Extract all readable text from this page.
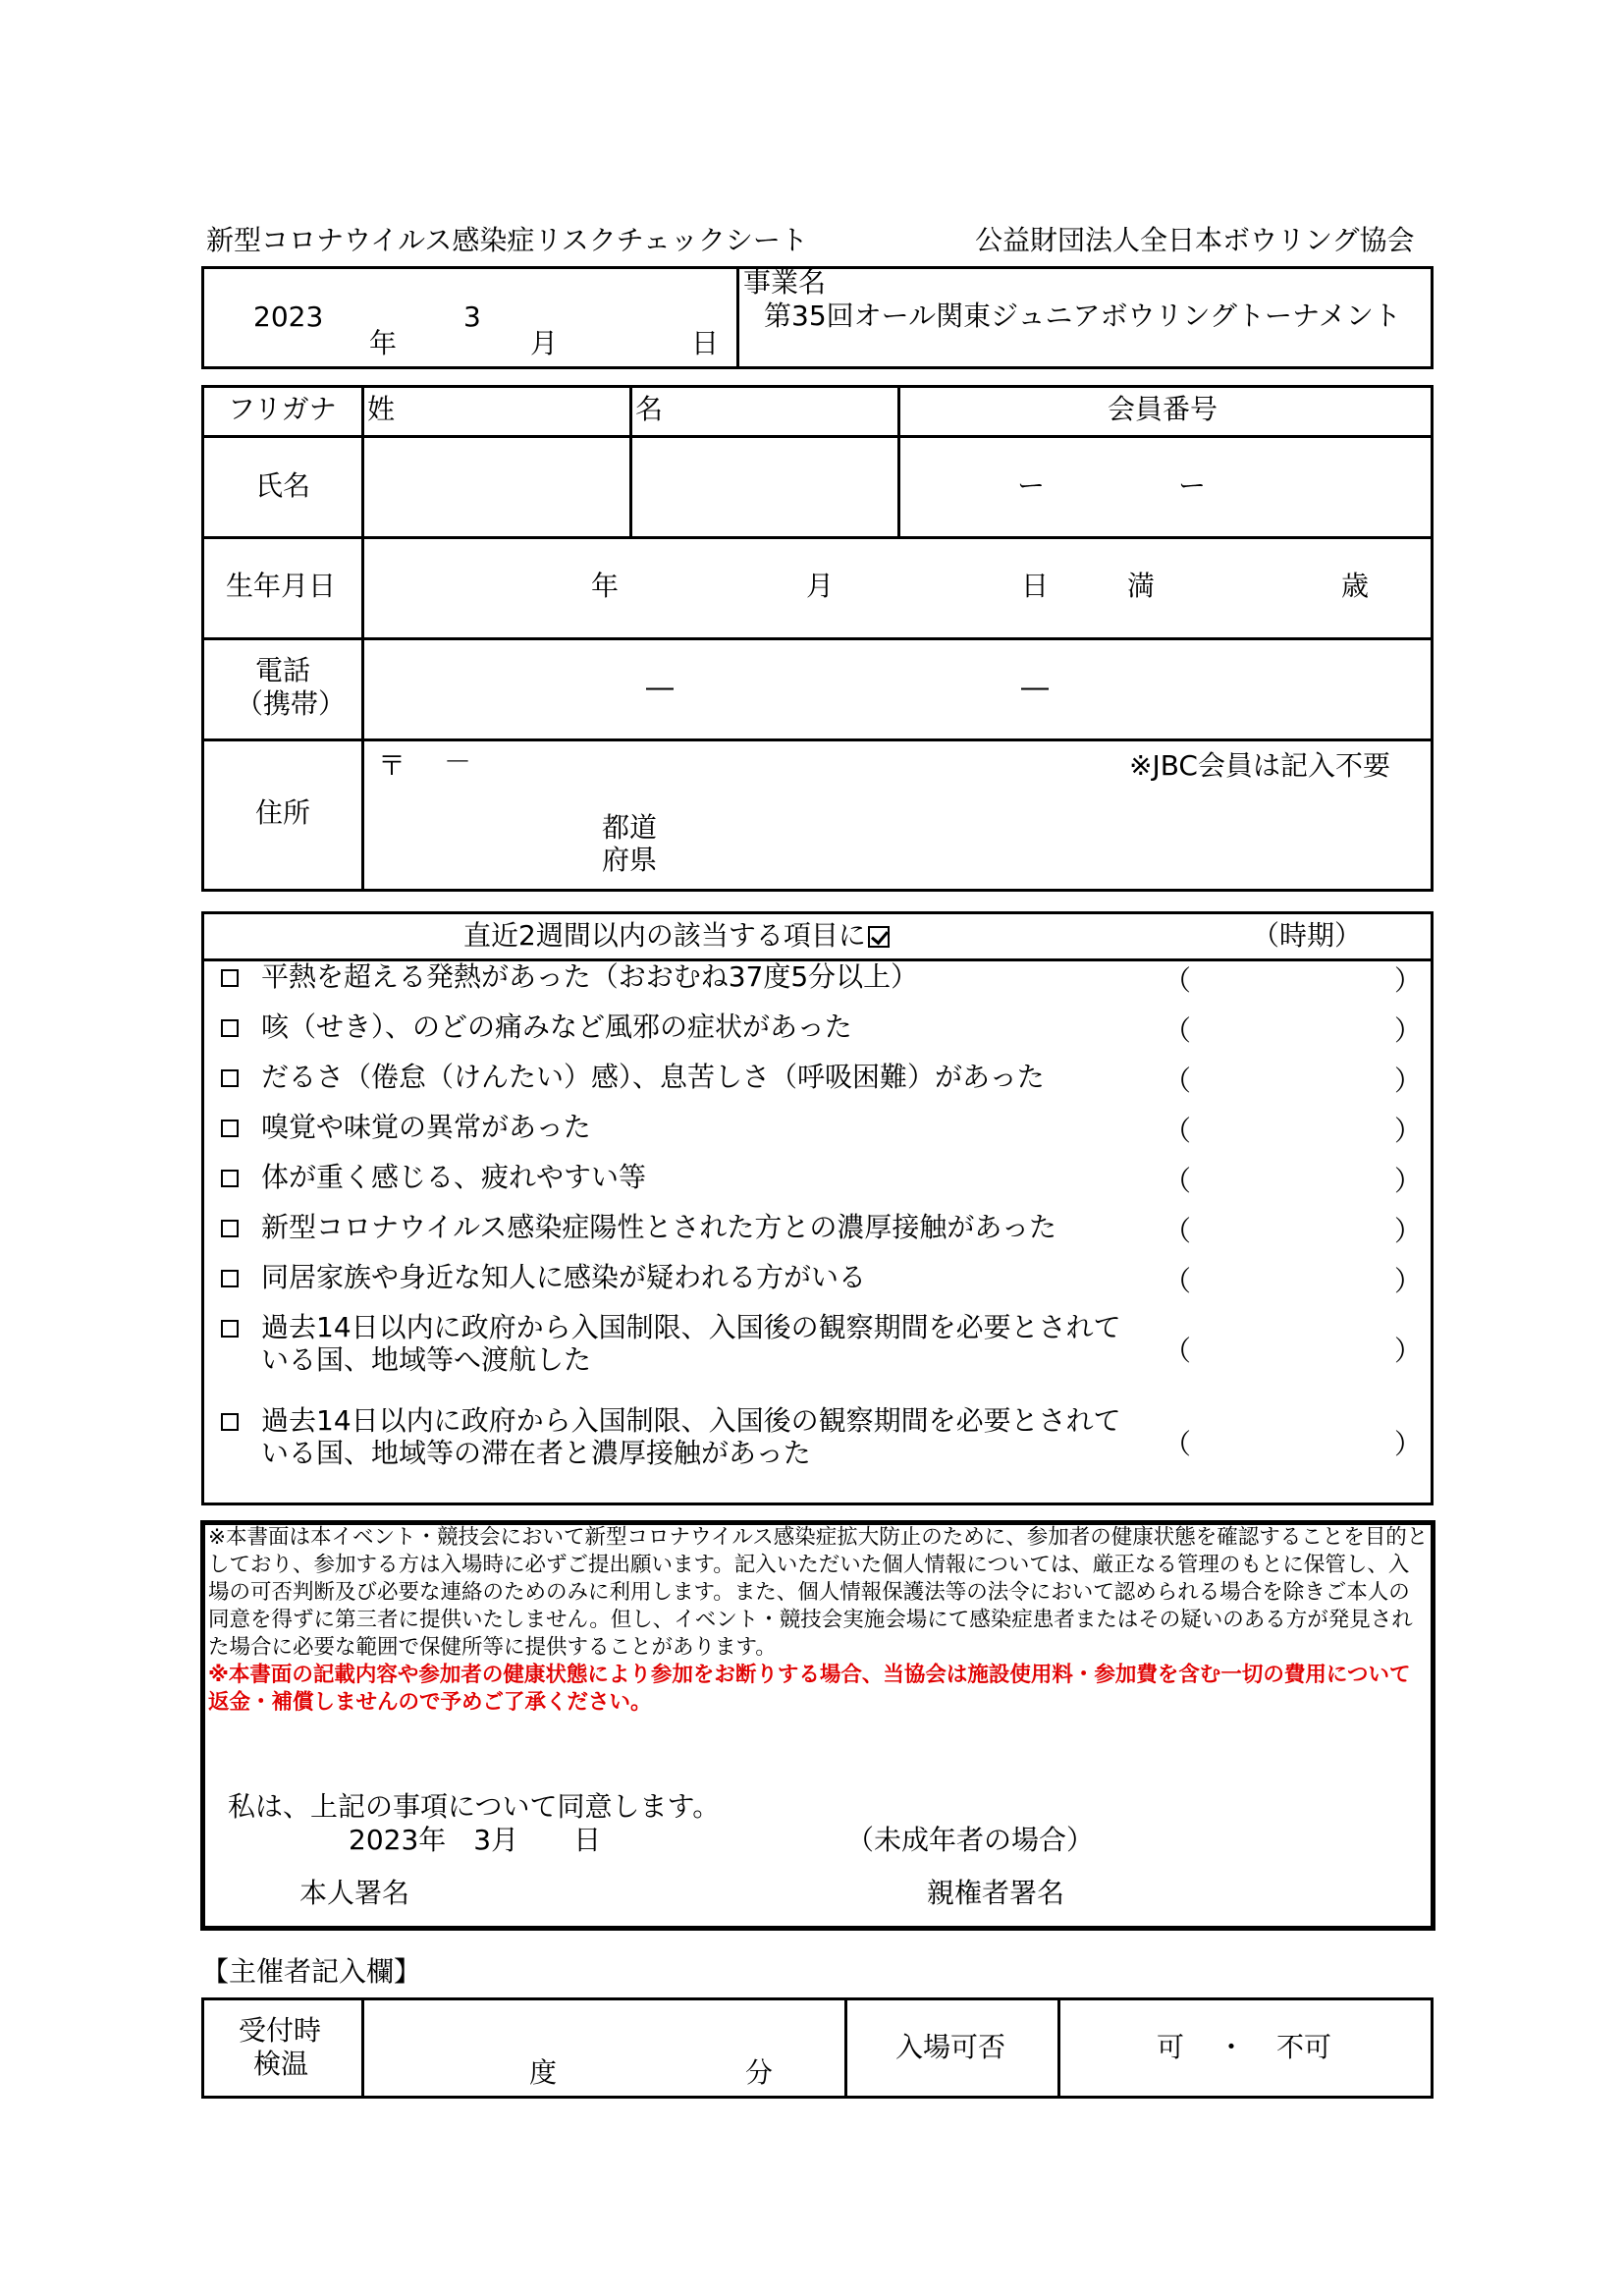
新型コロナウイルス感染症リスクチェックシート	公益財団法人全日本ボウリング協会
2023	3
年	月	日
事業名
第35回オール関東ジュニアボウリングトーナメント
フリガナ 姓	名	会員番号
氏名	ー	ー
生年月日	年	月	日	満	歳
電話
（携帯）
―	―
住所
〒 －	※JBC会員は記入不要
都道
府県
直近2週間以内の該当する項目に	（時期）
平熱を超える発熱があった（おおむね37度5分以上）	（	）
咳（せき）、のどの痛みなど風邪の症状があった	（	）
だるさ（倦怠（けんたい）感）、息苦しさ（呼吸困難）があった	（	）
嗅覚や味覚の異常があった	（	）
体が重く感じる、疲れやすい等	（	）
新型コロナウイルス感染症陽性とされた方との濃厚接触があった	（	）
同居家族や身近な知人に感染が疑われる方がいる	（	）
過去14日以内に政府から入国制限、入国後の観察期間を必要とされて
いる国、地域等へ渡航した	（	）
過去14日以内に政府から入国制限、入国後の観察期間を必要とされて
いる国、地域等の滞在者と濃厚接触があった	（	）
※本書面は本イベント・競技会において新型コロナウイルス感染症拡大防止のために、参加者の健康状態を確認することを目的としており、参加する方は入場時に必ずご提出願います。記入いただいた個人情報については、厳正なる管理のもとに保管し、入場の可否判断及び必要な連絡のためのみに利用します。また、個人情報保護法等の法令において認められる場合を除きご本人の同意を得ずに第三者に提供いたしません。但し、イベント・競技会実施会場にて感染症患者またはその疑いのある方が発見された場合に必要な範囲で保健所等に提供することがあります。
※本書面の記載内容や参加者の健康状態により参加をお断りする場合、当協会は施設使用料・参加費を含む一切の費用について返金・補償しませんので予めご了承ください。
私は、上記の事項について同意します。
2023年　3月　　日	（未成年者の場合）
本人署名	親権者署名
【主催者記入欄】
受付時
検温	度	分
入場可否	可 ・ 不可
